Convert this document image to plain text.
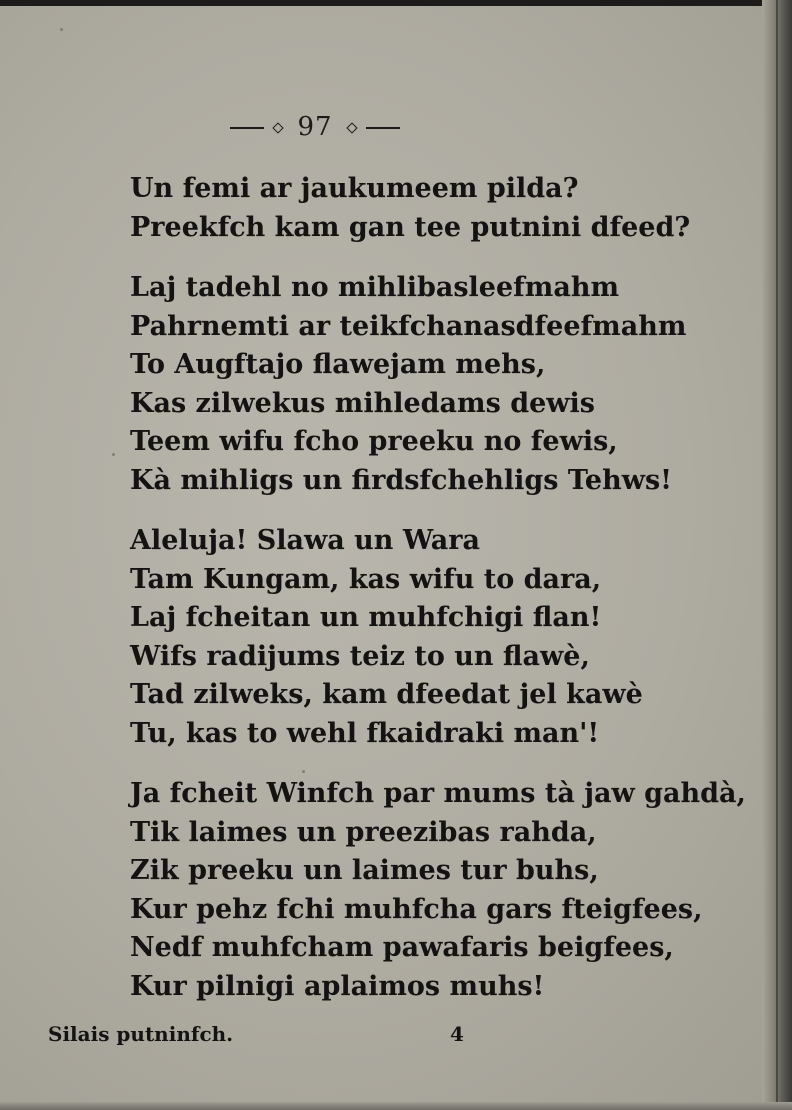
97
Un femi ar jaukumeem pilda?
Preekfch kam gan tee putnini dfeed?
Laj tadehl no mihlibasleefmahm
Pahrnemti ar teikfchanasdfeefmahm
To Augftajo flawejam mehs,
Kas zilwekus mihledams dewis
Teem wifu fcho preeku no fewis,
Kà mihligs un firdsfchehligs Tehws!
Aleluja! Slawa un Wara
Tam Kungam, kas wifu to dara,
Laj fcheitan un muhfchigi flan!
Wifs radijums teiz to un flawè,
Tad zilweks, kam dfeedat jel kawè
Tu, kas to wehl fkaidraki man'!
Ja fcheit Winfch par mums tà jaw gahdà,
Tik laimes un preezibas rahda,
Zik preeku un laimes tur buhs,
Kur pehz fchi muhfcha gars fteigfees,
Nedf muhfcham pawafaris beigfees,
Kur pilnigi aplaimos muhs!
Silais putninfch.	4
